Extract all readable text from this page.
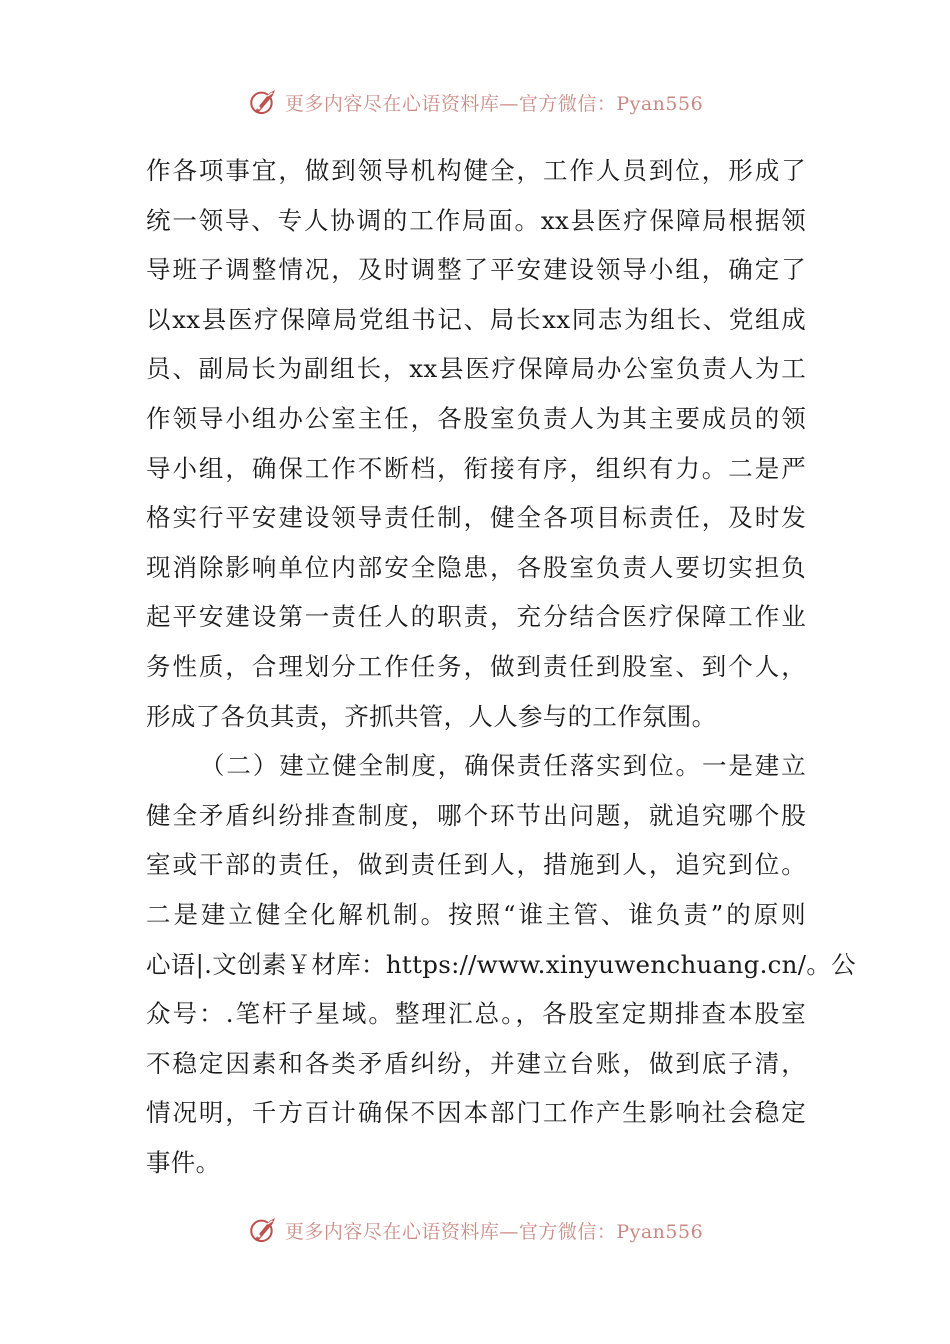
更多内容尽在心语资料库—官方微信：Pyan556
作各项事宜，做到领导机构健全，工作人员到位，形成了
统一领导、专人协调的工作局面。xx县医疗保障局根据领
导班子调整情况，及时调整了平安建设领导小组，确定了
以xx县医疗保障局党组书记、局长xx同志为组长、党组成
员、副局长为副组长，xx县医疗保障局办公室负责人为工
作领导小组办公室主任，各股室负责人为其主要成员的领
导小组，确保工作不断档，衔接有序，组织有力。二是严
格实行平安建设领导责任制，健全各项目标责任，及时发
现消除影响单位内部安全隐患，各股室负责人要切实担负
起平安建设第一责任人的职责，充分结合医疗保障工作业
务性质，合理划分工作任务，做到责任到股室、到个人，
形成了各负其责，齐抓共管，人人参与的工作氛围。
（二）建立健全制度，确保责任落实到位。一是建立
健全矛盾纠纷排查制度，哪个环节出问题，就追究哪个股
室或干部的责任，做到责任到人，措施到人，追究到位。
二是建立健全化解机制。按照“谁主管、谁负责”的原则
心语|.文创素￥材库：https://www.xinyuwenchuang.cn/。公
众号：.笔杆子星域。整理汇总。，各股室定期排查本股室
不稳定因素和各类矛盾纠纷，并建立台账，做到底子清，
情况明，千方百计确保不因本部门工作产生影响社会稳定
事件。
更多内容尽在心语资料库—官方微信：Pyan556
